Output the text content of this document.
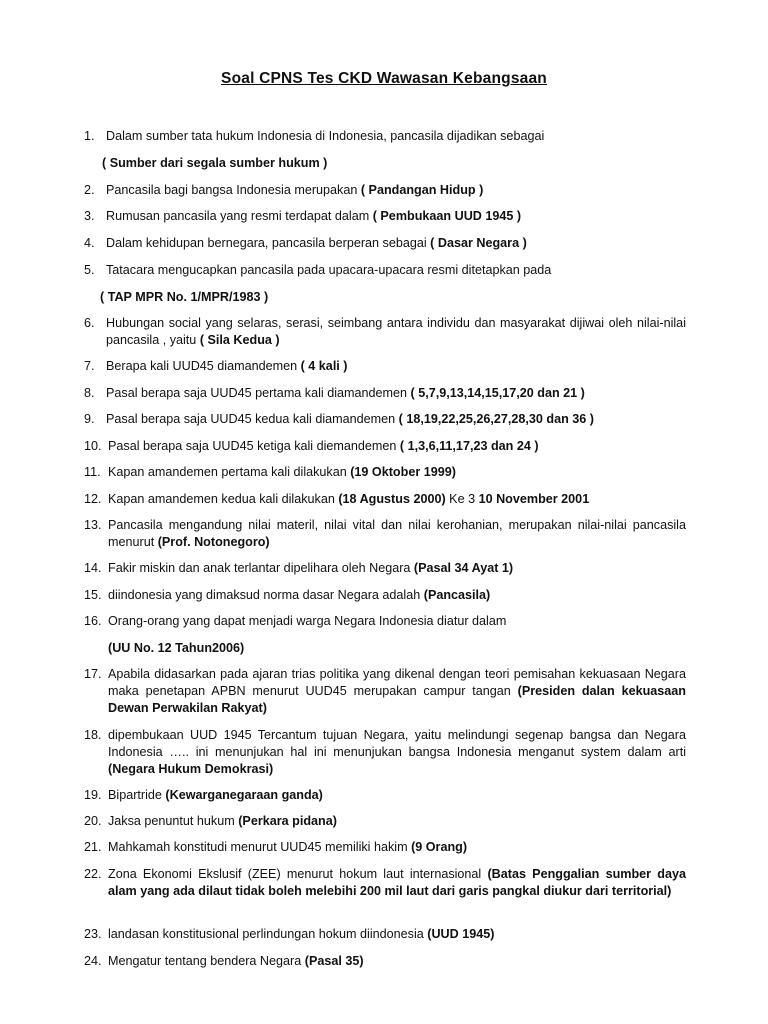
Soal CPNS Tes CKD Wawasan Kebangsaan
1. Dalam sumber tata hukum Indonesia di Indonesia, pancasila dijadikan sebagai
( Sumber dari segala sumber hukum )
2. Pancasila bagi bangsa Indonesia merupakan ( Pandangan Hidup )
3. Rumusan pancasila yang resmi terdapat dalam ( Pembukaan UUD 1945 )
4. Dalam kehidupan bernegara, pancasila berperan sebagai ( Dasar Negara )
5. Tatacara mengucapkan pancasila pada upacara-upacara resmi ditetapkan pada
( TAP MPR No. 1/MPR/1983 )
6. Hubungan social yang selaras, serasi, seimbang antara individu dan masyarakat dijiwai oleh nilai-nilai pancasila , yaitu ( Sila Kedua )
7. Berapa kali UUD45 diamandemen ( 4 kali )
8. Pasal berapa saja UUD45 pertama kali diamandemen ( 5,7,9,13,14,15,17,20 dan 21 )
9. Pasal berapa saja UUD45 kedua kali diamandemen ( 18,19,22,25,26,27,28,30 dan 36 )
10. Pasal berapa saja UUD45 ketiga kali diemandemen ( 1,3,6,11,17,23 dan 24 )
11. Kapan amandemen pertama kali dilakukan (19 Oktober 1999)
12. Kapan amandemen kedua kali dilakukan (18 Agustus 2000) Ke 3 10 November 2001
13. Pancasila mengandung nilai materil, nilai vital dan nilai kerohanian, merupakan nilai-nilai pancasila menurut (Prof. Notonegoro)
14. Fakir miskin dan anak terlantar dipelihara oleh Negara (Pasal 34 Ayat 1)
15. diindonesia yang dimaksud norma dasar Negara adalah (Pancasila)
16. Orang-orang yang dapat menjadi warga Negara Indonesia diatur dalam
(UU No. 12 Tahun2006)
17. Apabila didasarkan pada ajaran trias politika yang dikenal dengan teori pemisahan kekuasaan Negara maka penetapan APBN menurut UUD45 merupakan campur tangan (Presiden dalan kekuasaan Dewan Perwakilan Rakyat)
18. dipembukaan UUD 1945 Tercantum tujuan Negara, yaitu melindungi segenap bangsa dan Negara Indonesia ….. ini menunjukan hal ini menunjukan bangsa Indonesia menganut system dalam arti (Negara Hukum Demokrasi)
19. Bipartride (Kewarganegaraan ganda)
20. Jaksa penuntut hukum (Perkara pidana)
21. Mahkamah konstitudi menurut UUD45 memiliki hakim (9 Orang)
22. Zona Ekonomi Ekslusif (ZEE) menurut hokum laut internasional (Batas Penggalian sumber daya alam yang ada dilaut tidak boleh melebihi 200 mil laut dari garis pangkal diukur dari territorial)
23. landasan konstitusional perlindungan hokum diindonesia (UUD 1945)
24. Mengatur tentang bendera Negara (Pasal 35)
